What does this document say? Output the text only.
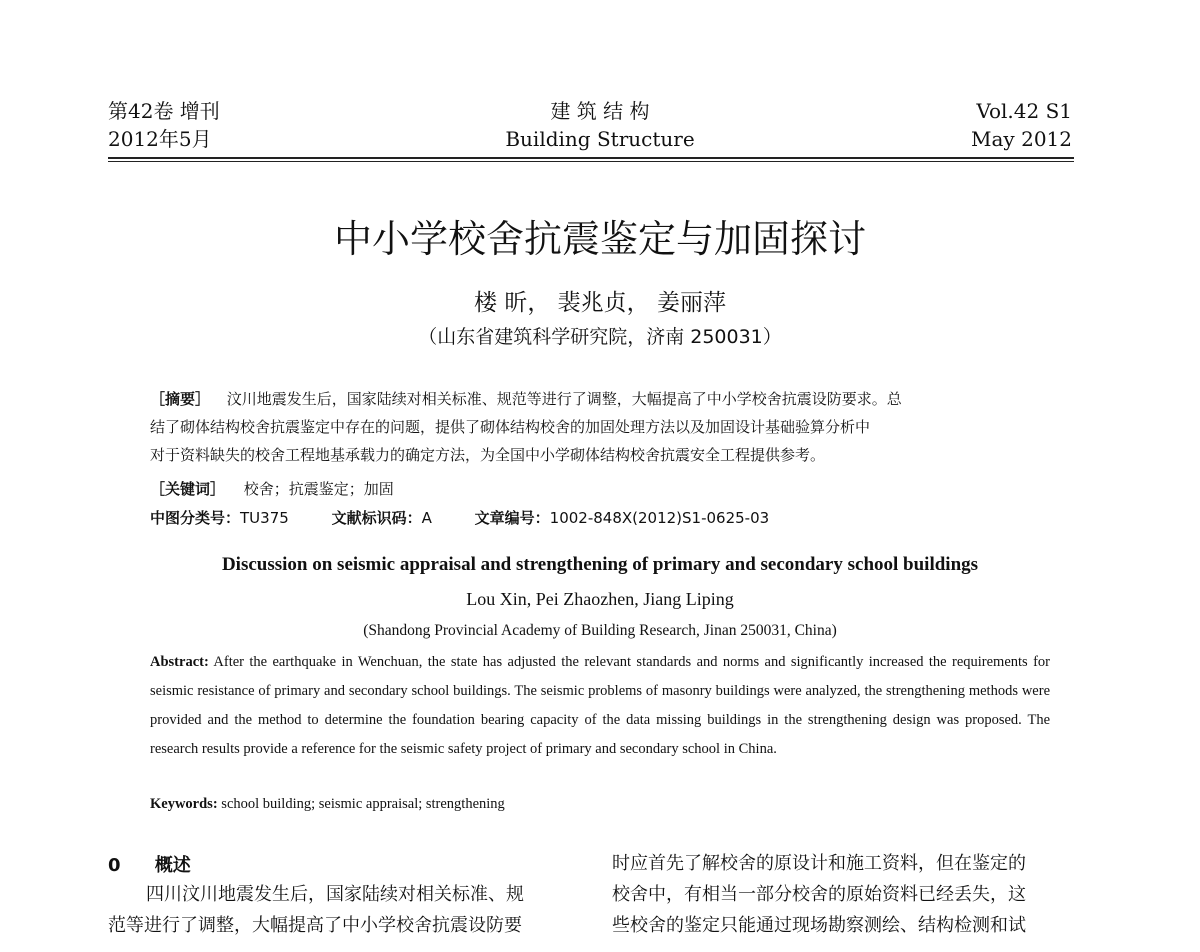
第42卷 增刊
2012年5月
建 筑 结 构
Building Structure
Vol.42 S1
May 2012
中小学校舍抗震鉴定与加固探讨
楼 昕， 裴兆贞， 姜丽萍
（山东省建筑科学研究院，济南 250031）
［摘要］ 汶川地震发生后，国家陆续对相关标准、规范等进行了调整，大幅提高了中小学校舍抗震设防要求。总
结了砌体结构校舍抗震鉴定中存在的问题，提供了砌体结构校舍的加固处理方法以及加固设计基础验算分析中
对于资料缺失的校舍工程地基承载力的确定方法，为全国中小学砌体结构校舍抗震安全工程提供参考。
［关键词］ 校舍；抗震鉴定；加固
中图分类号：TU375	文献标识码：A	文章编号：1002-848X(2012)S1-0625-03
Discussion on seismic appraisal and strengthening of primary and secondary school buildings
Lou Xin, Pei Zhaozhen, Jiang Liping
(Shandong Provincial Academy of Building Research, Jinan 250031, China)
Abstract: After the earthquake in Wenchuan, the state has adjusted the relevant standards and norms and significantly increased the requirements for seismic resistance of primary and secondary school buildings. The seismic problems of masonry buildings were analyzed, the strengthening methods were provided and the method to determine the foundation bearing capacity of the data missing buildings in the strengthening design was proposed. The research results provide a reference for the seismic safety project of primary and secondary school in China.
Keywords: school building; seismic appraisal; strengthening
0 概述
四川汶川地震发生后，国家陆续对相关标准、规
范等进行了调整，大幅提高了中小学校舍抗震设防要
时应首先了解校舍的原设计和施工资料，但在鉴定的
校舍中，有相当一部分校舍的原始资料已经丢失，这
些校舍的鉴定只能通过现场勘察测绘、结构检测和试
